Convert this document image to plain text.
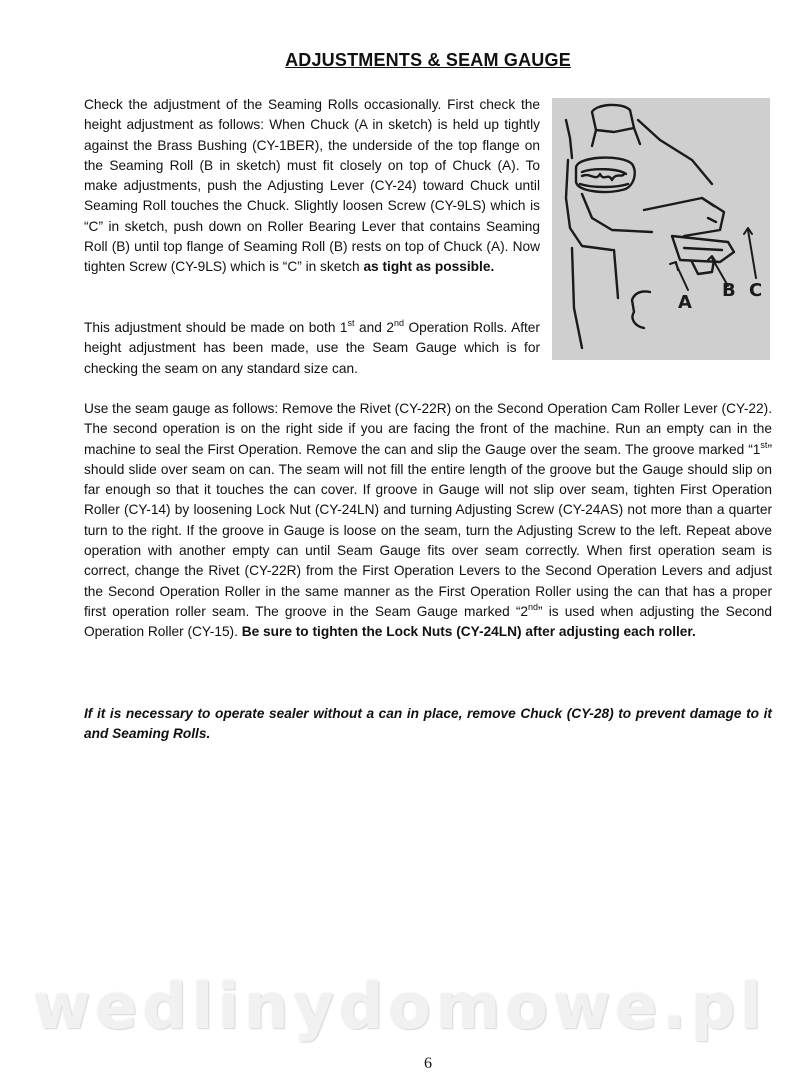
ADJUSTMENTS & SEAM GAUGE

Check the adjustment of the Seaming Rolls occasionally. First check the height adjustment as follows: When Chuck (A in sketch) is held up tightly against the Brass Bushing (CY-1BER), the underside of the top flange on the Seaming Roll (B in sketch) must fit closely on top of Chuck (A). To make adjustments, push the Adjusting Lever (CY-24) toward Chuck until Seaming Roll touches the Chuck. Slightly loosen Screw (CY-9LS) which is “C” in sketch, push down on Roller Bearing Lever that contains Seaming Roll (B) until top flange of Seaming Roll (B) rests on top of Chuck (A). Now tighten Screw (CY-9LS) which is “C” in sketch as tight as possible.

This adjustment should be made on both 1st and 2nd Operation Rolls. After height adjustment has been made, use the Seam Gauge which is for checking the seam on any standard size can.

Use the seam gauge as follows: Remove the Rivet (CY-22R) on the Second Operation Cam Roller Lever (CY-22). The second operation is on the right side if you are facing the front of the machine. Run an empty can in the machine to seal the First Operation. Remove the can and slip the Gauge over the seam. The groove marked “1st” should slide over seam on can. The seam will not fill the entire length of the groove but the Gauge should slip on far enough so that it touches the can cover. If groove in Gauge will not slip over seam, tighten First Operation Roller (CY-14) by loosening Lock Nut (CY-24LN) and turning Adjusting Screw (CY-24AS) not more than a quarter turn to the right. If the groove in Gauge is loose on the seam, turn the Adjusting Screw to the left. Repeat above operation with another empty can until Seam Gauge fits over seam correctly. When first operation seam is correct, change the Rivet (CY-22R) from the First Operation Levers to the Second Operation Levers and adjust the Second Operation Roller in the same manner as the First Operation Roller using the can that has a proper first operation roller seam. The groove in the Seam Gauge marked “2nd” is used when adjusting the Second Operation Roller (CY-15). Be sure to tighten the Lock Nuts (CY-24LN) after adjusting each roller.

If it is necessary to operate sealer without a can in place, remove Chuck (CY-28) to prevent damage to it and Seaming Rolls.

A
B C
wedlinydomowe.pl
6
